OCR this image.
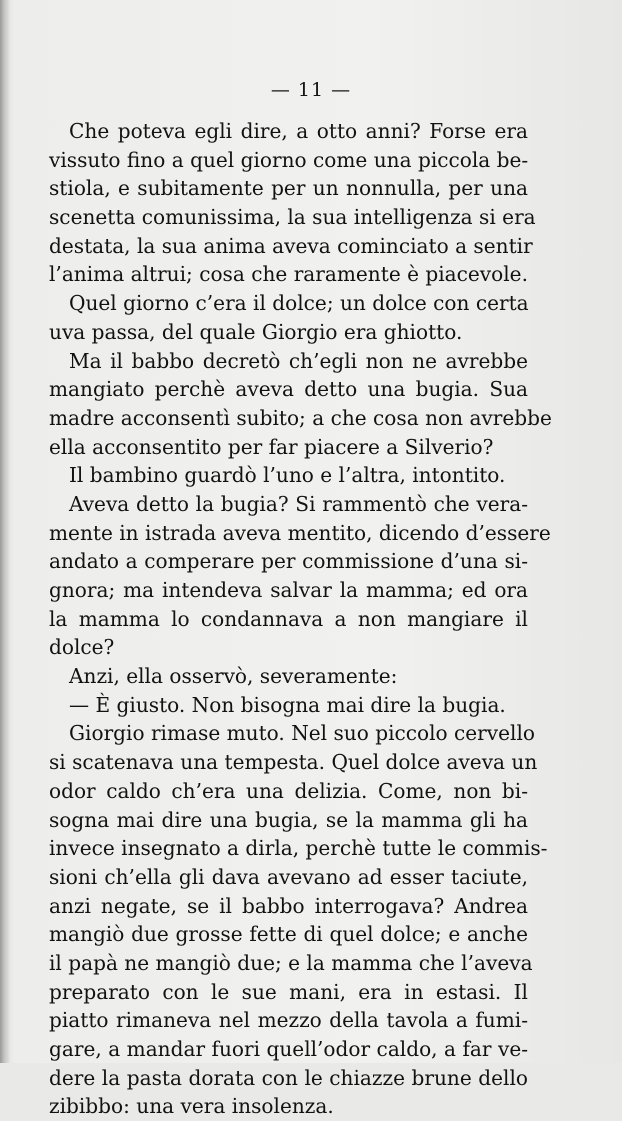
— 11 —
Che poteva egli dire, a otto anni? Forse era
vissuto fino a quel giorno come una piccola be-
stiola, e subitamente per un nonnulla, per una
scenetta comunissima, la sua intelligenza si era
destata, la sua anima aveva cominciato a sentir
l’anima altrui; cosa che raramente è piacevole.
Quel giorno c’era il dolce; un dolce con certa
uva passa, del quale Giorgio era ghiotto.
Ma il babbo decretò ch’egli non ne avrebbe
mangiato perchè aveva detto una bugia. Sua
madre acconsentì subito; a che cosa non avrebbe
ella acconsentito per far piacere a Silverio?
Il bambino guardò l’uno e l’altra, intontito.
Aveva detto la bugia? Si rammentò che vera-
mente in istrada aveva mentito, dicendo d’essere
andato a comperare per commissione d’una si-
gnora; ma intendeva salvar la mamma; ed ora
la mamma lo condannava a non mangiare il
dolce?
Anzi, ella osservò, severamente:
— È giusto. Non bisogna mai dire la bugia.
Giorgio rimase muto. Nel suo piccolo cervello
si scatenava una tempesta. Quel dolce aveva un
odor caldo ch’era una delizia. Come, non bi-
sogna mai dire una bugia, se la mamma gli ha
invece insegnato a dirla, perchè tutte le commis-
sioni ch’ella gli dava avevano ad esser taciute,
anzi negate, se il babbo interrogava? Andrea
mangiò due grosse fette di quel dolce; e anche
il papà ne mangiò due; e la mamma che l’aveva
preparato con le sue mani, era in estasi. Il
piatto rimaneva nel mezzo della tavola a fumi-
gare, a mandar fuori quell’odor caldo, a far ve-
dere la pasta dorata con le chiazze brune dello
zibibbo: una vera insolenza.
